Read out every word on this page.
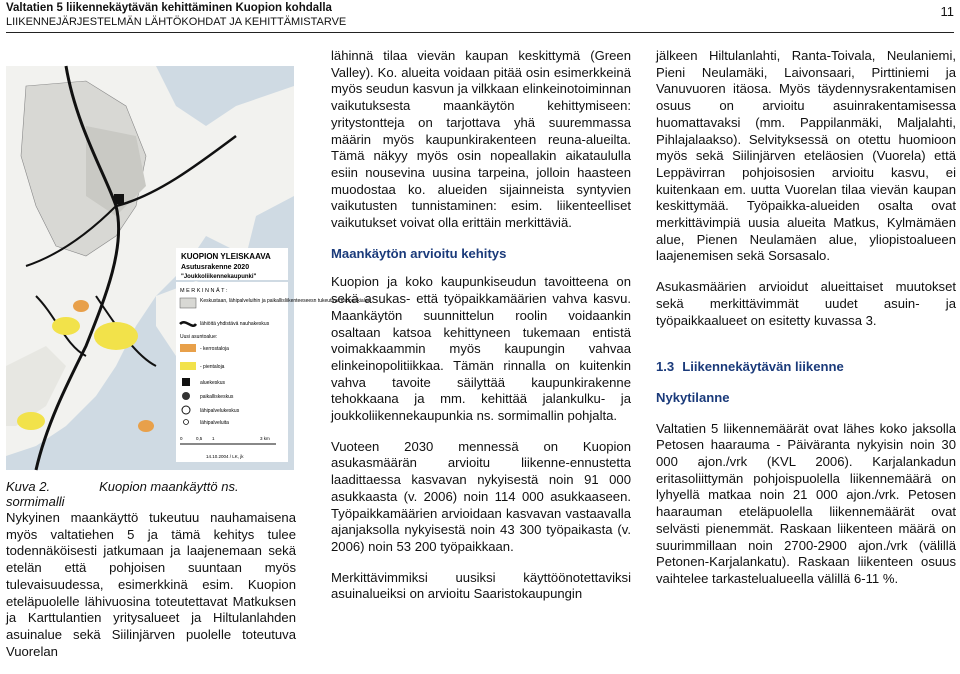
Valtatien 5 liikennekäytävän kehittäminen Kuopion kohdalla
LIIKENNEJÄRJESTELMÄN LÄHTÖKOHDAT JA KEHITTÄMISTARVE
11
KUOPION YLEISKAAVA
Asutusrakenne 2020
"Joukkoliikennekaupunki"
M E R K I N N Ä T :
Keskustaan, lähipalveluihin ja paikallisliikenteeseesn tukeutuva kaupunkialue
lähiöitä yhdistävä nauhakeskus
Uusi asuntoalue:
- kerrostaloja
- pientaloja
aluekeskus
paikalliskeskus
lähipalvelukeskus
lähipalveluita
0	0,5 1	3 km
14.10.2004 / LK, jk
Kuva 2.	Kuopion maankäyttö ns. sormimalli

Nykyinen maankäyttö tukeutuu nauhamaisena myös valtatiehen 5 ja tämä kehitys tulee todennäköisesti jatkumaan ja laajenemaan sekä etelän että pohjoisen suuntaan myös tulevaisuudessa, esimerkkinä esim. Kuopion eteläpuolelle lähivuosina toteutettavat Matkuksen ja Karttulantien yritysalueet ja Hiltulanlahden asuinalue sekä Siilinjärven puolelle toteutuva Vuorelan

lähinnä tilaa vievän kaupan keskittymä (Green Valley). Ko. alueita voidaan pitää osin esimerkkeinä myös seudun kasvun ja vilkkaan elinkeinotoiminnan vaikutuksesta maankäytön kehittymiseen: yritystontteja on tarjottava yhä suuremmassa määrin myös kaupunkirakenteen reuna-alueilta. Tämä näkyy myös osin nopeallakin aikataululla esiin nousevina uusina tarpeina, jolloin haasteen muodostaa ko. alueiden sijainneista syntyvien vaikutusten tunnistaminen: esim. liikenteelliset vaikutukset voivat olla erittäin merkittäviä.

Maankäytön arvioitu kehitys

Kuopion ja koko kaupunkiseudun tavoitteena on sekä asukas- että työpaikkamäärien vahva kasvu. Maankäytön suunnittelun roolin voidaankin osaltaan katsoa kehittyneen tukemaan entistä voimakkaammin myös kaupungin vahvaa elinkeinopolitiikkaa. Tämän rinnalla on kuitenkin vahva tavoite säilyttää kaupunkirakenne tehokkaana ja mm. kehittää jalankulku- ja joukkoliikennekaupunkia ns. sormimallin pohjalta.

Vuoteen 2030 mennessä on Kuopion asukasmäärän arvioitu liikenne-ennustetta laadittaessa kasvavan nykyisestä noin 91 000 asukkaasta (v. 2006) noin 114 000 asukkaaseen. Työpaikkamäärien arvioidaan kasvavan vastaavalla ajanjaksolla nykyisestä noin 43 300 työpaikasta (v. 2006) noin 53 200 työpaikkaan.

Merkittävimmiksi uusiksi käyttöönotettaviksi asuinalueiksi on arvioitu Saaristokaupungin

jälkeen Hiltulanlahti, Ranta-Toivala, Neulaniemi, Pieni Neulamäki, Laivonsaari, Pirttiniemi ja Vanuvuoren itäosa. Myös täydennysrakentamisen osuus on arvioitu asuinrakentamisessa huomattavaksi (mm. Pappilanmäki, Maljalahti, Pihlajalaakso). Selvityksessä on otettu huomioon myös sekä Siilinjärven eteläosien (Vuorela) että Leppävirran pohjoisosien arvioitu kasvu, ei kuitenkaan em. uutta Vuorelan tilaa vievän kaupan keskittymää. Työpaikka-alueiden osalta ovat merkittävimpiä uusia alueita Matkus, Kylmämäen alue, Pienen Neulamäen alue, yliopistoalueen laajenemisen sekä Sorsasalo.

Asukasmäärien arvioidut alueittaiset muutokset sekä merkittävimmät uudet asuin- ja työpaikkaalueet on esitetty kuvassa 3.

1.3 Liikennekäytävän liikenne
Nykytilanne

Valtatien 5 liikennemäärät ovat lähes koko jaksolla Petosen haarauma - Päiväranta nykyisin noin 30 000 ajon./vrk (KVL 2006). Karjalankadun eritasoliittymän pohjoispuolella liikennemäärä on lyhyellä matkaa noin 21 000 ajon./vrk. Petosen haarauman eteläpuolella liikennemäärät ovat selvästi pienemmät. Raskaan liikenteen määrä on suurimmillaan noin 2700-2900 ajon./vrk (välillä Petonen-Karjalankatu). Raskaan liikenteen osuus vaihtelee tarkastelualueella välillä 6-11 %.
